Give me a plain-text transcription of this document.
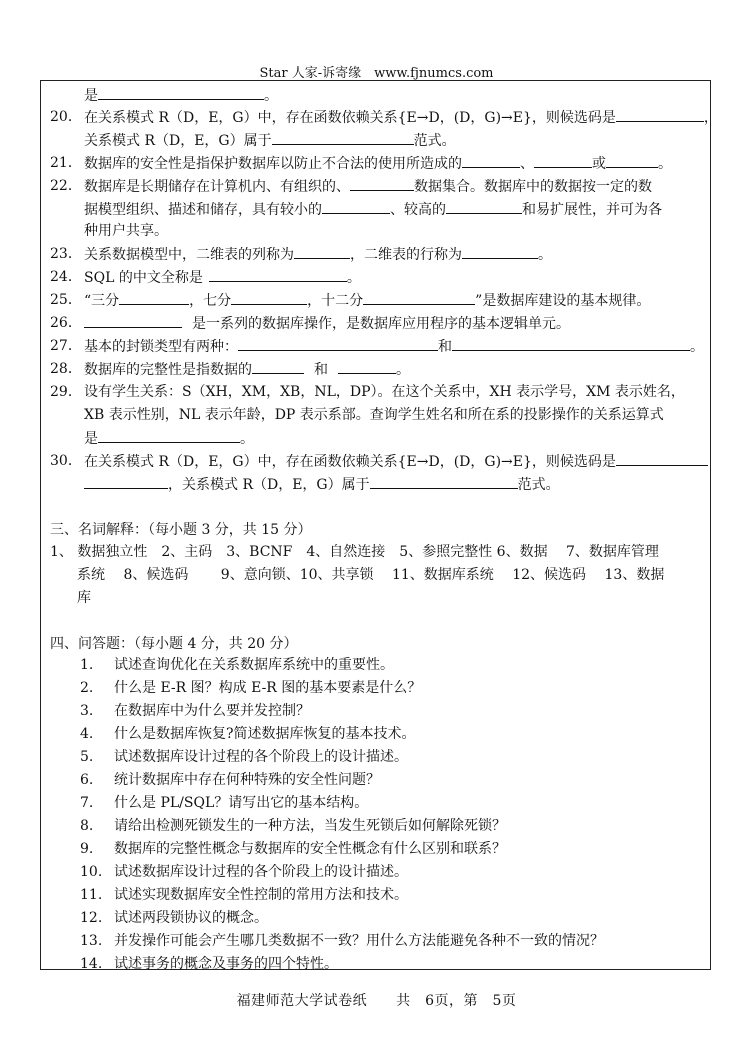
Star 人家-诉寄缘　www.fjnumcs.com
是	。
20． 在关系模式 R（D，E，G）中，存在函数依赖关系{E→D，(D，G)→E}，则候选码是	，
关系模式 R（D，E，G）属于	范式。
21． 数据库的安全性是指保护数据库以防止不合法的使用所造成的	、	或	。
22． 数据库是长期储存在计算机内、有组织的、	数据集合。数据库中的数据按一定的数
据模型组织、描述和储存，具有较小的	、较高的	和易扩展性，并可为各
种用户共享。
23． 关系数据模型中，二维表的列称为	，二维表的行称为	。
24． SQL 的中文全称是	。
25． “三分	，七分	，十二分	”是数据库建设的基本规律。
26．	是一系列的数据库操作，是数据库应用程序的基本逻辑单元。
27． 基本的封锁类型有两种：	和	。
28． 数据库的完整性是指数据的	和	。
29． 设有学生关系：S（XH，XM，XB，NL，DP）。在这个关系中，XH 表示学号，XM 表示姓名，
XB 表示性别，NL 表示年龄，DP 表示系部。查询学生姓名和所在系的投影操作的关系运算式
是	。
30． 在关系模式 R（D，E，G）中，存在函数依赖关系{E→D，(D，G)→E}，则候选码是
，关系模式 R（D，E，G）属于	范式。
三、名词解释：（每小题 3 分，共 15 分）
1、 数据独立性　2、主码　3、BCNF　4、自然连接　5、参照完整性 6、数据　 7、数据库管理
系统　 8、候选码　　 9、意向锁、10、共享锁　 11、数据库系统　 12、候选码　 13、数据
库
四、问答题：（每小题 4 分，共 20 分）
1. 试述查询优化在关系数据库系统中的重要性。
2. 什么是 E-R 图？构成 E-R 图的基本要素是什么？
3. 在数据库中为什么要并发控制？
4. 什么是数据库恢复?简述数据库恢复的基本技术。
5. 试述数据库设计过程的各个阶段上的设计描述。
6. 统计数据库中存在何种特殊的安全性问题？
7. 什么是 PL/SQL？请写出它的基本结构。
8. 请给出检测死锁发生的一种方法，当发生死锁后如何解除死锁？
9. 数据库的完整性概念与数据库的安全性概念有什么区别和联系？
10. 试述数据库设计过程的各个阶段上的设计描述。
11. 试述实现数据库安全性控制的常用方法和技术。
12. 试述两段锁协议的概念。
13. 并发操作可能会产生哪几类数据不一致？用什么方法能避免各种不一致的情况？
14. 试述事务的概念及事务的四个特性。
福建师范大学试卷纸　　共　6页，第　5页
